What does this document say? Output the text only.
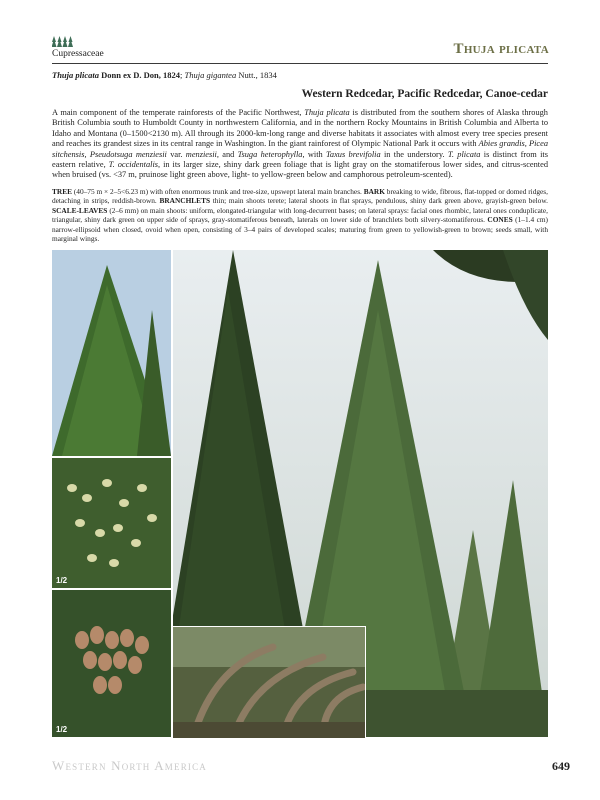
Cupressaceae	Thuja plicata
Thuja plicata Donn ex D. Don, 1824; Thuja gigantea Nutt., 1834
Western Redcedar, Pacific Redcedar, Canoe-cedar

A main component of the temperate rainforests of the Pacific Northwest, Thuja plicata is distributed from the southern shores of Alaska through British Columbia south to Humboldt County in northwestern California, and in the northern Rocky Mountains in British Columbia and Alberta to Idaho and Montana (0–1500<2130 m). All through its 2000-km-long range and diverse habitats it associates with almost every tree species present and reaches its grandest sizes in its central range in Washington. In the giant rainforest of Olympic National Park it occurs with Abies grandis, Picea sitchensis, Pseudotsuga menziesii var. menziesii, and Tsuga heterophylla, with Taxus brevifolia in the understory. T. plicata is distinct from its eastern relative, T. occidentalis, in its larger size, shiny dark green foliage that is light gray on the stomatiferous lower sides, and citrus-scented when bruised (vs. <37 m, pruinose light green above, light- to yellow-green below and camphorous petroleum-scented).

TREE (40–75 m × 2–5<6.23 m) with often enormous trunk and tree-size, upswept lateral main branches. BARK breaking to wide, fibrous, flat-topped or domed ridges, detaching in strips, reddish-brown. BRANCHLETS thin; main shoots terete; lateral shoots in flat sprays, pendulous, shiny dark green above, grayish-green below. SCALE-LEAVES (2–6 mm) on main shoots: uniform, elongated-triangular with long-decurrent bases; on lateral sprays: facial ones rhombic, lateral ones conduplicate, triangular, shiny dark green on upper side of sprays, gray-stomatiferous beneath, laterals on lower side of branchlets both silvery-stomatiferous. CONES (1–1.4 cm) narrow-ellipsoid when closed, ovoid when open, consisting of 3–4 pairs of developed scales; maturing from green to yellowish-green to brown; seeds small, with marginal wings.

1/2
1/2
Western North America	649
